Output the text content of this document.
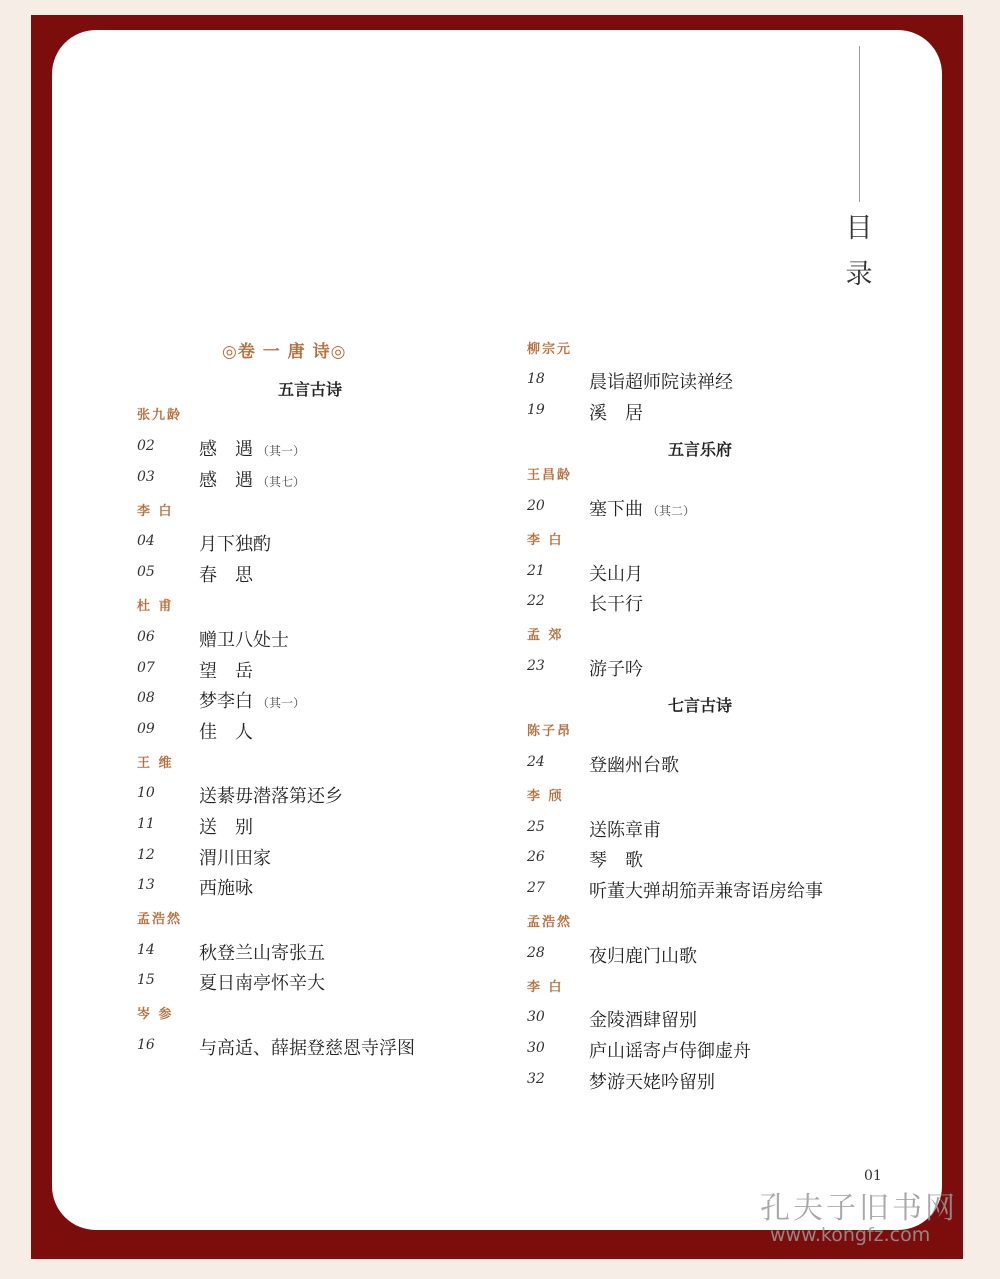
目
录
◎卷 一 唐 诗◎
五言古诗
张九龄
02 感　遇 （其一）
03 感　遇 （其七）
李 白
04 月下独酌
05 春　思
杜 甫
06 赠卫八处士
07 望　岳
08 梦李白 （其一）
09 佳　人
王 维
10 送綦毋潜落第还乡
11 送　别
12 渭川田家
13 西施咏
孟浩然
14 秋登兰山寄张五
15 夏日南亭怀辛大
岑 参
16 与高适、薛据登慈恩寺浮图
柳宗元
18 晨诣超师院读禅经
19 溪　居
五言乐府
王昌龄
20 塞下曲 （其二）
李 白
21 关山月
22 长干行
孟 郊
23 游子吟
七言古诗
陈子昂
24 登幽州台歌
李 颀
25 送陈章甫
26 琴　歌
27 听董大弹胡笳弄兼寄语房给事
孟浩然
28 夜归鹿门山歌
李 白
30 金陵酒肆留别
30 庐山谣寄卢侍御虚舟
32 梦游天姥吟留别
01
孔夫子旧书网
www.kongfz.com
